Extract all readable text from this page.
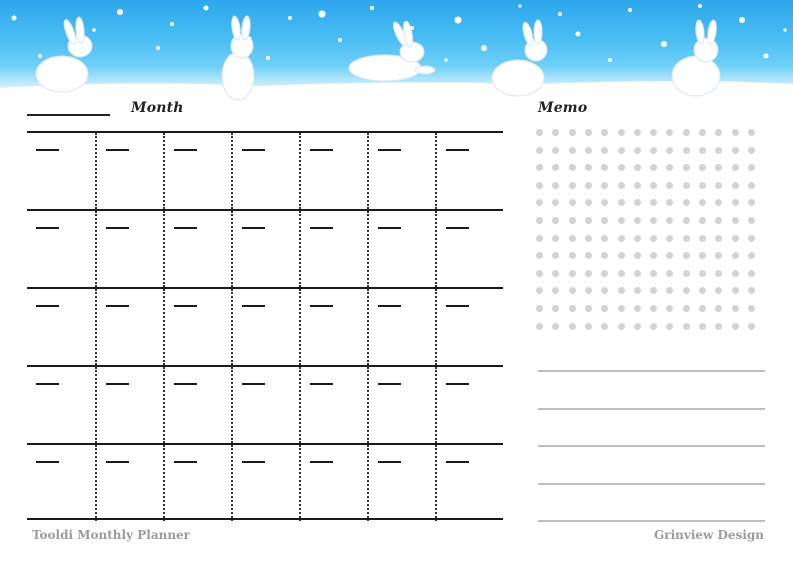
Month	Memo
Tooldi Monthly Planner	Grinview Design
